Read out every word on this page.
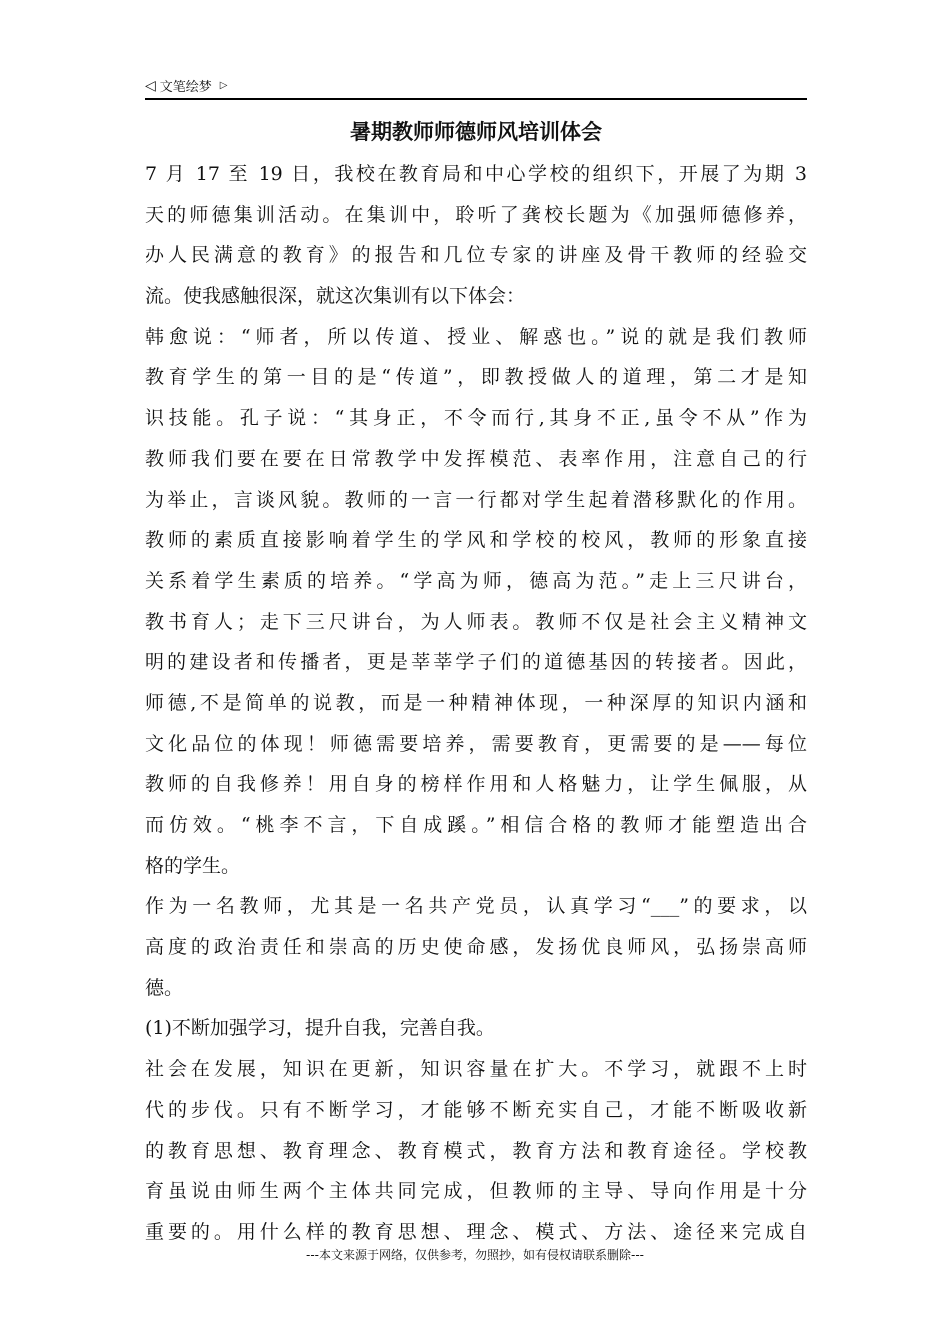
◁ 文笔绘梦 ▷
暑期教师师德师风培训体会
7 月 17 至 19 日，我校在教育局和中心学校的组织下，开展了为期 3
天的师德集训活动。在集训中，聆听了龚校长题为《加强师德修养，
办人民满意的教育》的报告和几位专家的讲座及骨干教师的经验交
流。使我感触很深，就这次集训有以下体会：
韩愈说：“师者，所以传道、授业、解惑也。”说的就是我们教师
教育学生的第一目的是“传道”，即教授做人的道理，第二才是知
识技能。孔子说：“其身正，不令而行,其身不正,虽令不从”作为
教师我们要在要在日常教学中发挥模范、表率作用，注意自己的行
为举止，言谈风貌。教师的一言一行都对学生起着潜移默化的作用。
教师的素质直接影响着学生的学风和学校的校风，教师的形象直接
关系着学生素质的培养。“学高为师，德高为范。”走上三尺讲台，
教书育人；走下三尺讲台，为人师表。教师不仅是社会主义精神文
明的建设者和传播者，更是莘莘学子们的道德基因的转接者。因此，
师德,不是简单的说教，而是一种精神体现，一种深厚的知识内涵和
文化品位的体现！师德需要培养，需要教育，更需要的是——每位
教师的自我修养！用自身的榜样作用和人格魅力，让学生佩服，从
而仿效。“桃李不言，下自成蹊。”相信合格的教师才能塑造出合
格的学生。
作为一名教师，尤其是一名共产党员，认真学习“___”的要求，以
高度的政治责任和崇高的历史使命感，发扬优良师风，弘扬崇高师
德。
(1)不断加强学习，提升自我，完善自我。
社会在发展，知识在更新，知识容量在扩大。不学习，就跟不上时
代的步伐。只有不断学习，才能够不断充实自己，才能不断吸收新
的教育思想、教育理念、教育模式，教育方法和教育途径。学校教
育虽说由师生两个主体共同完成，但教师的主导、导向作用是十分
重要的。用什么样的教育思想、理念、模式、方法、途径来完成自
---本文来源于网络，仅供参考，勿照抄，如有侵权请联系删除---
